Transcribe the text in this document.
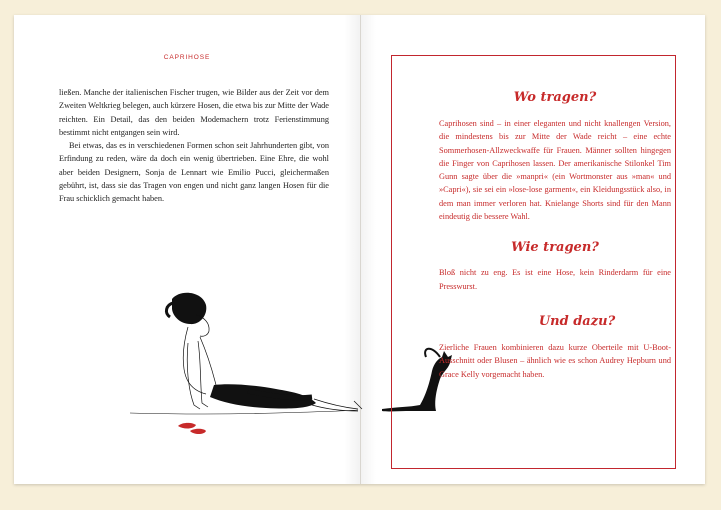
CAPRIHOSE

ließen. Manche der italienischen Fischer trugen, wie Bilder aus der Zeit vor dem Zweiten Weltkrieg belegen, auch kürzere Hosen, die etwa bis zur Mitte der Wade reichten. Ein Detail, das den beiden Modemachern trotz Ferienstimmung bestimmt nicht entgangen sein wird.

Bei etwas, das es in verschiedenen Formen schon seit Jahrhunderten gibt, von Erfindung zu reden, wäre da doch ein wenig übertrieben. Eine Ehre, die wohl aber beiden Designern, Sonja de Lennart wie Emilio Pucci, gleichermaßen gebührt, ist, dass sie das Tragen von engen und nicht ganz langen Hosen für die Frau schicklich gemacht haben.

Wo tragen?

Caprihosen sind – in einer eleganten und nicht knallengen Version, die mindestens bis zur Mitte der Wade reicht – eine echte Sommerhosen-Allzweckwaffe für Frauen. Männer sollten hingegen die Finger von Caprihosen lassen. Der amerikanische Stilonkel Tim Gunn sagte über die »manpri« (ein Wortmonster aus »man« und »Capri«), sie sei ein »lose-lose garment«, ein Kleidungsstück also, in dem man immer verloren hat. Knielange Shorts sind für den Mann eindeutig die bessere Wahl.

Wie tragen?

Bloß nicht zu eng. Es ist eine Hose, kein Rinderdarm für eine Presswurst.

Und dazu?

Zierliche Frauen kombinieren dazu kurze Oberteile mit U-Boot-Ausschnitt oder Blusen – ähnlich wie es schon Audrey Hepburn und Grace Kelly vorgemacht haben.
